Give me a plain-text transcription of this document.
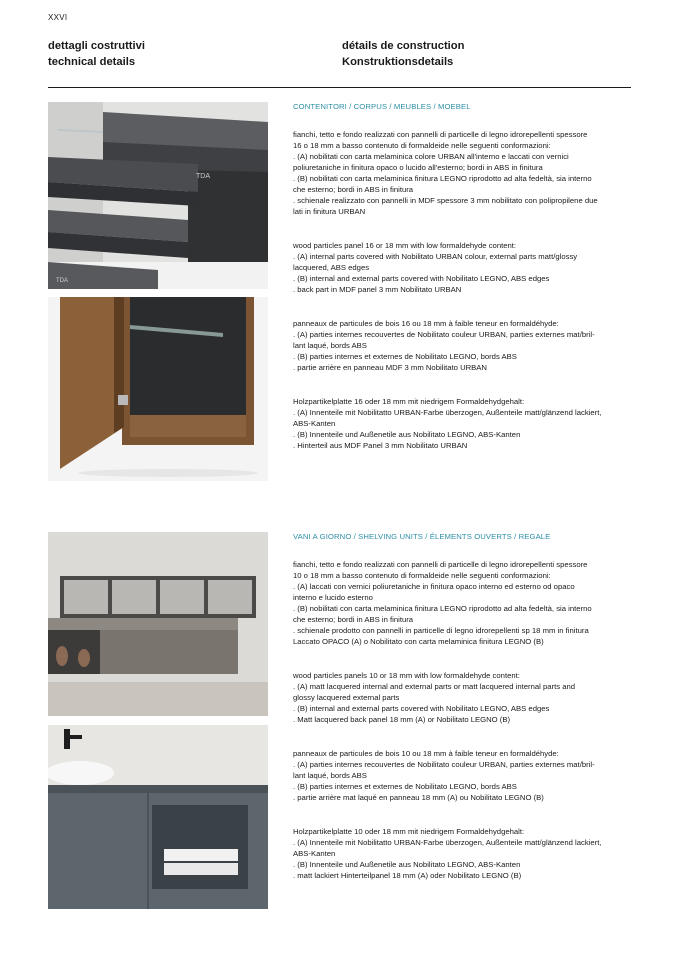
XXVI
dettagli costruttivi
technical details
détails de construction
Konstruktionsdetails
TDA
TDA

CONTENITORI / CORPUS / MEUBLES / MOEBEL

fianchi, tetto e fondo realizzati con pannelli di particelle di legno idrorepellenti spessore
16 o 18 mm a basso contenuto di formaldeide nelle seguenti conformazioni:
. (A) nobilitati con carta melaminica colore URBAN all'interno e laccati con vernici
poliuretaniche in finitura opaco o lucido all'esterno; bordi in ABS in finitura
. (B) nobilitati con carta melaminica finitura LEGNO riprodotto ad alta fedeltà, sia interno
che esterno; bordi in ABS in finitura
. schienale realizzato con pannelli in MDF spessore 3 mm nobilitato con polipropilene due
lati in finitura URBAN

wood particles panel 16 or 18 mm with low formaldehyde content:
. (A) internal parts covered with Nobilitato URBAN colour, external parts matt/glossy
lacquered, ABS edges
. (B) internal and external parts covered with Nobilitato LEGNO, ABS edges
. back part in MDF panel 3 mm Nobilitato URBAN

panneaux de particules de bois 16 ou 18 mm à faible teneur en formaldéhyde:
. (A) parties internes recouvertes de Nobilitato couleur URBAN, parties externes mat/bril-
lant laqué, bords ABS
. (B) parties internes et externes de Nobilitato LEGNO, bords ABS
. partie arrière en panneau MDF 3 mm Nobilitato URBAN

Holzpartikelplatte 16 oder 18 mm mit niedrigem Formaldehydgehalt:
. (A) Innenteile mit Nobilitatto URBAN-Farbe überzogen, Außenteile matt/glänzend lackiert,
ABS-Kanten
. (B) Innenteile und Außenetile aus Nobilitato LEGNO, ABS-Kanten
. Hinterteil aus MDF Panel 3 mm Nobilitato URBAN

VANI A GIORNO / SHELVING UNITS / ÉLEMENTS OUVERTS / REGALE

fianchi, tetto e fondo realizzati con pannelli di particelle di legno idrorepellenti spessore
10 o 18 mm a basso contenuto di formaldeide nelle seguenti conformazioni:
. (A) laccati con vernici poliuretaniche in finitura opaco interno ed esterno od opaco
interno e lucido esterno
. (B) nobilitati con carta melaminica finitura LEGNO riprodotto ad alta fedeltà, sia interno
che esterno; bordi in ABS in finitura
. schienale prodotto con pannelli in particelle di legno idrorepellenti sp 18 mm in finitura
Laccato OPACO (A) o Nobilitato con carta melaminica finitura LEGNO (B)

wood particles panels 10 or 18 mm with low formaldehyde content:
. (A) matt lacquered internal and external parts or matt lacquered internal parts and
glossy lacquered external parts
. (B) internal and external parts covered with Nobilitato LEGNO, ABS edges
. Matt lacquered back panel 18 mm (A) or Nobilitato LEGNO (B)

panneaux de particules de bois 10 ou 18 mm à faible teneur en formaldéhyde:
. (A) parties internes recouvertes de Nobilitato couleur URBAN, parties externes mat/bril-
lant laqué, bords ABS
. (B) parties internes et externes de Nobilitato LEGNO, bords ABS
. partie arrière mat laqué en panneau 18 mm (A) ou Nobilitato LEGNO (B)

Holzpartikelplatte 10 oder 18 mm mit niedrigem Formaldehydgehalt:
. (A) Innenteile mit Nobilitatto URBAN-Farbe überzogen, Außenteile matt/glänzend lackiert,
ABS-Kanten
. (B) Innenteile und Außenetile aus Nobilitato LEGNO, ABS-Kanten
. matt lackiert Hinterteilpanel 18 mm (A) oder Nobilitato LEGNO (B)
